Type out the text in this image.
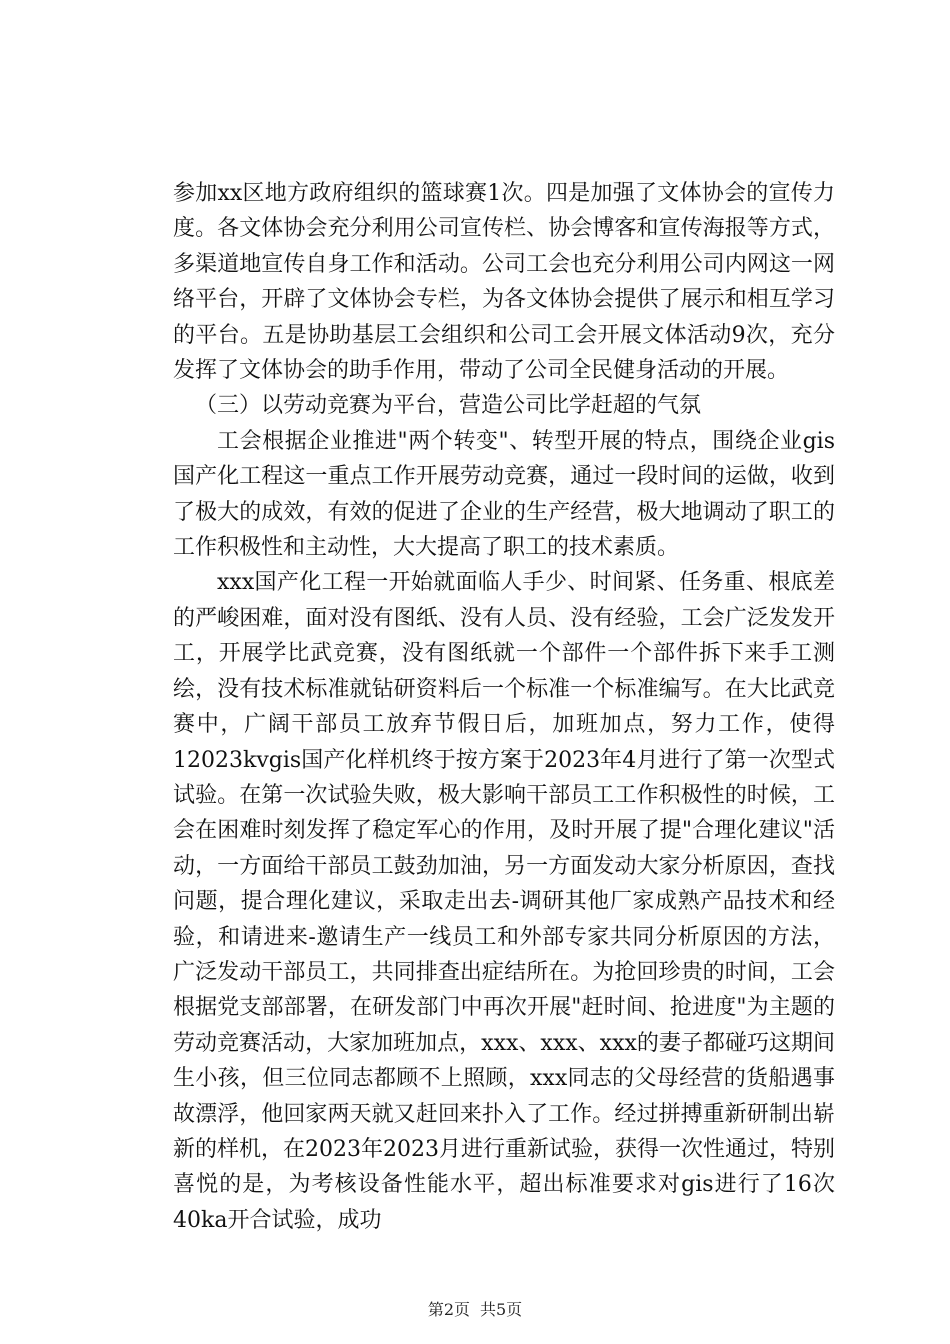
参加xx区地方政府组织的篮球赛1次。四是加强了文体协会的宣传力度。各文体协会充分利用公司宣传栏、协会博客和宣传海报等方式，多渠道地宣传自身工作和活动。公司工会也充分利用公司内网这一网络平台，开辟了文体协会专栏，为各文体协会提供了展示和相互学习的平台。五是协助基层工会组织和公司工会开展文体活动9次，充分发挥了文体协会的助手作用，带动了公司全民健身活动的开展。

（三）以劳动竞赛为平台，营造公司比学赶超的气氛

工会根据企业推进"两个转变"、转型开展的特点，围绕企业gis国产化工程这一重点工作开展劳动竞赛，通过一段时间的运做，收到了极大的成效，有效的促进了企业的生产经营，极大地调动了职工的工作积极性和主动性，大大提高了职工的技术素质。

xxx国产化工程一开始就面临人手少、时间紧、任务重、根底差的严峻困难，面对没有图纸、没有人员、没有经验，工会广泛发发开工，开展学比武竞赛，没有图纸就一个部件一个部件拆下来手工测绘，没有技术标准就钻研资料后一个标准一个标准编写。在大比武竞赛中，广阔干部员工放弃节假日后，加班加点，努力工作，使得12023kvgis国产化样机终于按方案于2023年4月进行了第一次型式试验。在第一次试验失败，极大影响干部员工工作积极性的时候，工会在困难时刻发挥了稳定军心的作用，及时开展了提"合理化建议"活动，一方面给干部员工鼓劲加油，另一方面发动大家分析原因，查找问题，提合理化建议，采取走出去-调研其他厂家成熟产品技术和经验，和请进来-邀请生产一线员工和外部专家共同分析原因的方法，广泛发动干部员工，共同排查出症结所在。为抢回珍贵的时间，工会根据党支部部署，在研发部门中再次开展"赶时间、抢进度"为主题的劳动竞赛活动，大家加班加点，xxx、xxx、xxx的妻子都碰巧这期间生小孩，但三位同志都顾不上照顾，xxx同志的父母经营的货船遇事故漂浮，他回家两天就又赶回来扑入了工作。经过拼搏重新研制出崭新的样机，在2023年2023月进行重新试验，获得一次性通过，特别喜悦的是，为考核设备性能水平，超出标准要求对gis进行了16次40ka开合试验，成功

第2页 共5页
